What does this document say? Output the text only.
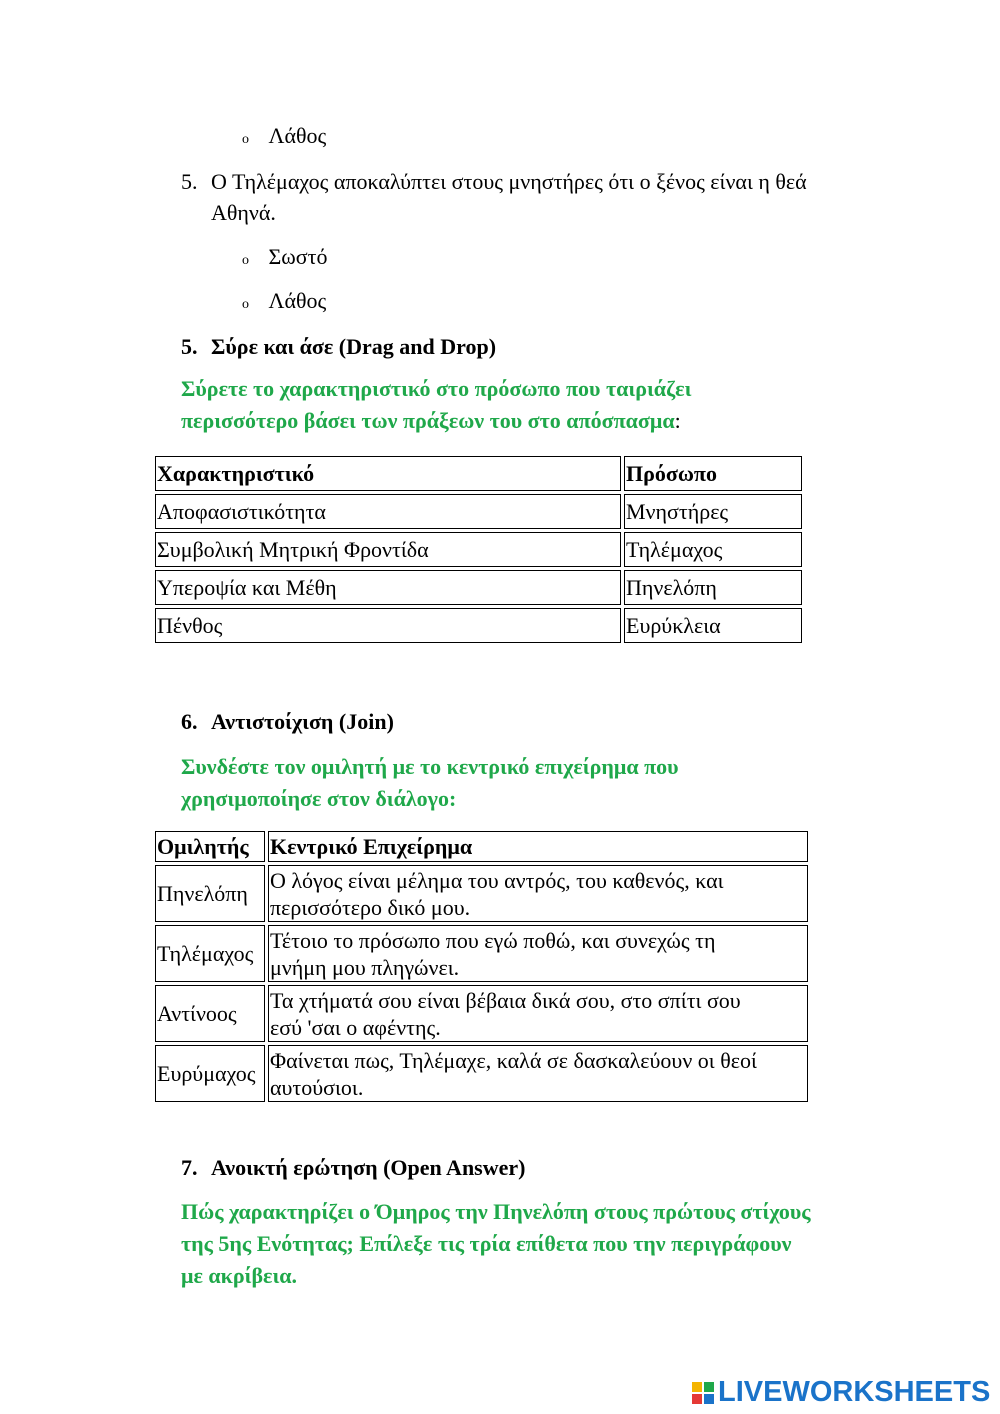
o Λάθος
5. Ο Τηλέμαχος αποκαλύπτει στους μνηστήρες ότι ο ξένος είναι η θεά
Αθηνά.
o Σωστό
o Λάθος
5. Σύρε και άσε (Drag and Drop)
Σύρετε το χαρακτηριστικό στο πρόσωπο που ταιριάζει
περισσότερο βάσει των πράξεων του στο απόσπασμα:
Χαρακτηριστικό	Πρόσωπο
Αποφασιστικότητα	Μνηστήρες
Συμβολική Μητρική Φροντίδα	Τηλέμαχος
Υπεροψία και Μέθη	Πηνελόπη
Πένθος	Ευρύκλεια
6. Αντιστοίχιση (Join)
Συνδέστε τον ομιλητή με το κεντρικό επιχείρημα που
χρησιμοποίησε στον διάλογο:
Ομιλητής	Κεντρικό Επιχείρημα
Πηνελόπη	Ο λόγος είναι μέλημα του αντρός, του καθενός, και
περισσότερο δικό μου.

Τηλέμαχος	Τέτοιο το πρόσωπο που εγώ ποθώ, και συνεχώς τη
μνήμη μου πληγώνει.

Αντίνοος	Τα χτήματά σου είναι βέβαια δικά σου, στο σπίτι σου
εσύ 'σαι ο αφέντης.

Ευρύμαχος	Φαίνεται πως, Τηλέμαχε, καλά σε δασκαλεύουν οι θεοί
αυτούσιοι.
7. Ανοικτή ερώτηση (Open Answer)
Πώς χαρακτηρίζει ο Όμηρος την Πηνελόπη στους πρώτους στίχους
της 5ης Ενότητας; Επίλεξε τις τρία επίθετα που την περιγράφουν
με ακρίβεια.
LIVEWORKSHEETS
